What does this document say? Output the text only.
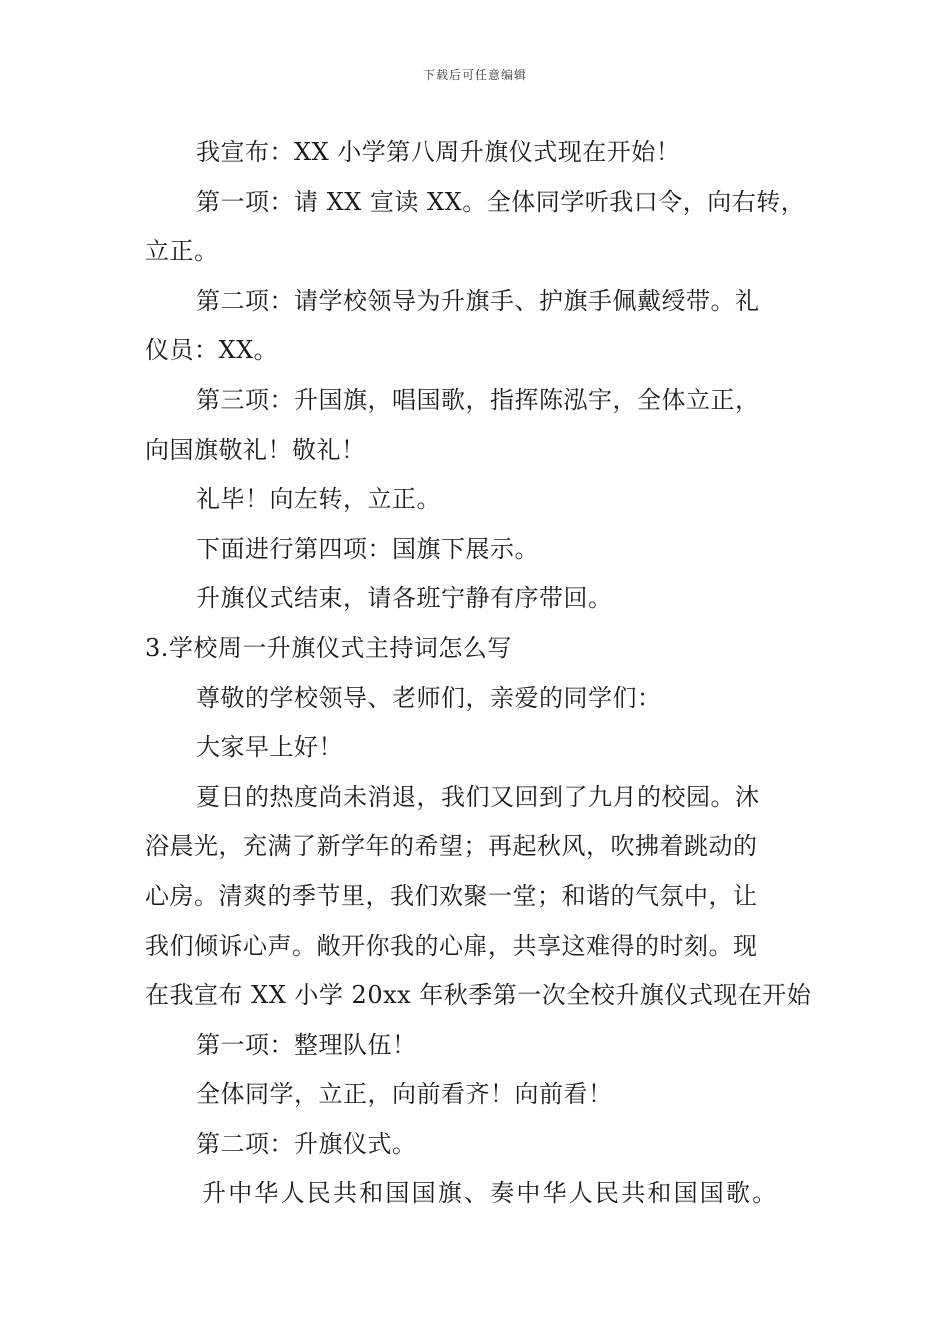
下载后可任意编辑
我宣布：XX 小学第八周升旗仪式现在开始！
第一项：请 XX 宣读 XX。全体同学听我口令，向右转，
立正。
第二项：请学校领导为升旗手、护旗手佩戴绶带。礼
仪员：XX。
第三项：升国旗，唱国歌，指挥陈泓宇，全体立正，
向国旗敬礼！敬礼！
礼毕！向左转，立正。
下面进行第四项：国旗下展示。
升旗仪式结束，请各班宁静有序带回。
3.学校周一升旗仪式主持词怎么写
尊敬的学校领导、老师们，亲爱的同学们：
大家早上好！
夏日的热度尚未消退，我们又回到了九月的校园。沐
浴晨光，充满了新学年的希望；再起秋风，吹拂着跳动的
心房。清爽的季节里，我们欢聚一堂；和谐的气氛中，让
我们倾诉心声。敞开你我的心扉，共享这难得的时刻。现
在我宣布 XX 小学 20xx 年秋季第一次全校升旗仪式现在开始
第一项：整理队伍！
全体同学，立正，向前看齐！向前看！
第二项：升旗仪式。
升中华人民共和国国旗、奏中华人民共和国国歌。
